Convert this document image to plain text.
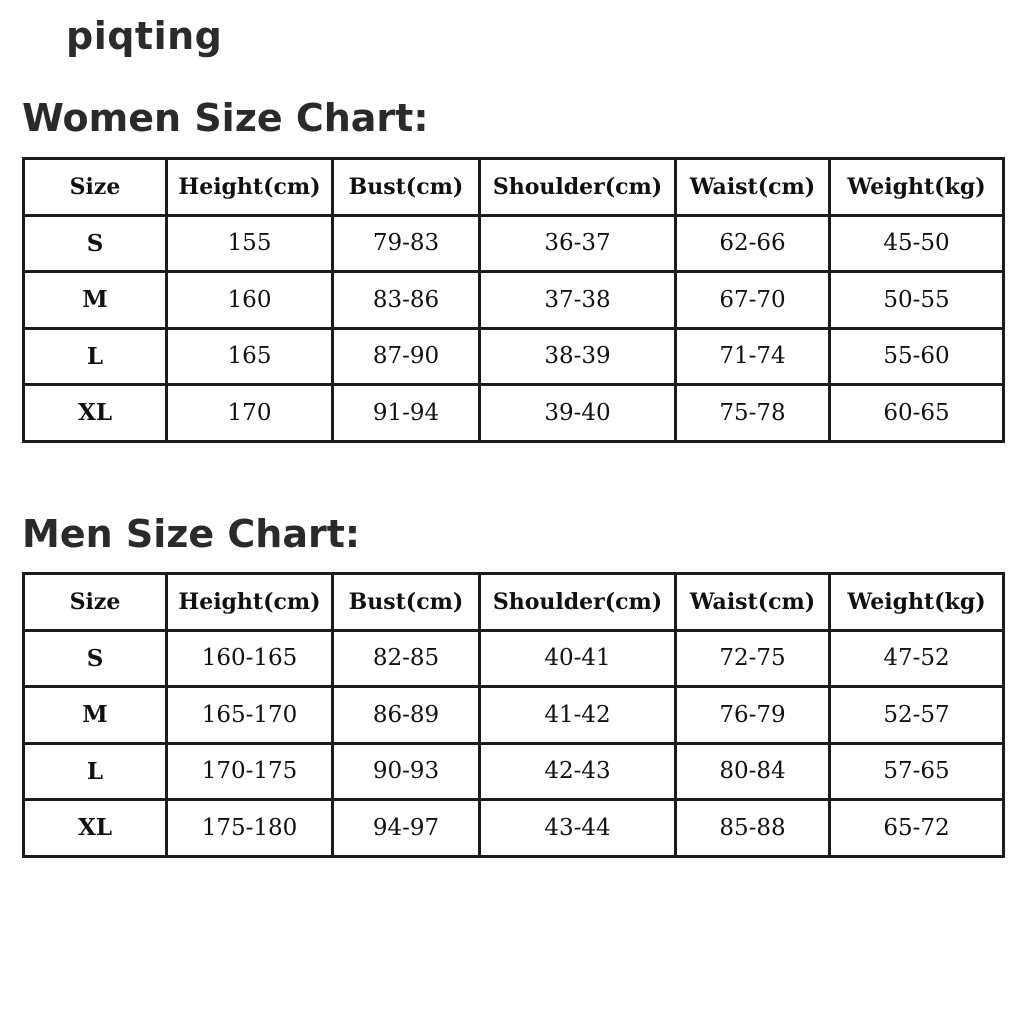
piqting
Women Size Chart:
Size	Height(cm)	Bust(cm)	Shoulder(cm)	Waist(cm)	Weight(kg)
S	155	79-83	36-37	62-66	45-50
M	160	83-86	37-38	67-70	50-55
L	165	87-90	38-39	71-74	55-60
XL	170	91-94	39-40	75-78	60-65
Men Size Chart:
Size	Height(cm)	Bust(cm)	Shoulder(cm)	Waist(cm)	Weight(kg)
S	160-165	82-85	40-41	72-75	47-52
M	165-170	86-89	41-42	76-79	52-57
L	170-175	90-93	42-43	80-84	57-65
XL	175-180	94-97	43-44	85-88	65-72
